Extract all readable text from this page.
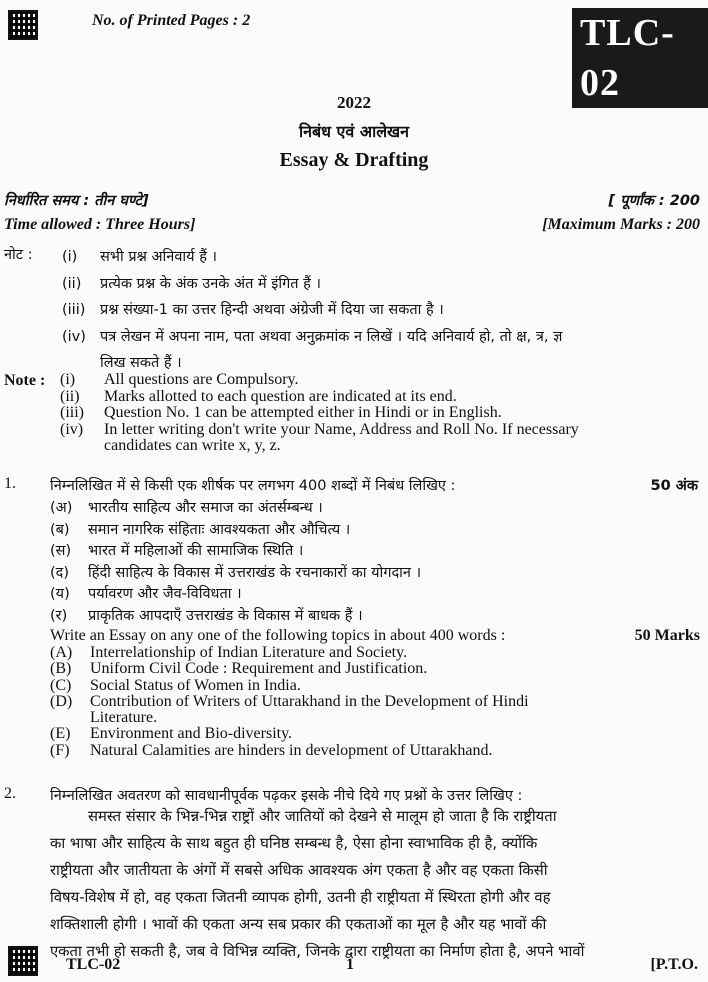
No. of Printed Pages : 2	TLC-02
2022
निबंध एवं आलेखन
Essay & Drafting
निर्धारित समय : तीन घण्टे]	[ पूर्णांक : 200
Time allowed : Three Hours]	[Maximum Marks : 200
नोट : (i)	सभी प्रश्न अनिवार्य हैं ।
(ii)	प्रत्येक प्रश्न के अंक उनके अंत में इंगित हैं ।
(iii)	प्रश्न संख्या-1 का उत्तर हिन्दी अथवा अंग्रेजी में दिया जा सकता है ।
(iv) पत्र लेखन में अपना नाम, पता अथवा अनुक्रमांक न लिखें । यदि अनिवार्य हो, तो क्ष, त्र, ज्ञ
लिख सकते हैं ।
Note : (i)	All questions are Compulsory.
(ii)	Marks allotted to each question are indicated at its end.
(iii)	Question No. 1 can be attempted either in Hindi or in English.
(iv)	In letter writing don't write your Name, Address and Roll No. If necessary
candidates can write x, y, z.
1. निम्नलिखित में से किसी एक शीर्षक पर लगभग 400 शब्दों में निबंध लिखिए :	50 अंक
(अ)	भारतीय साहित्य और समाज का अंतर्सम्बन्ध ।
(ब)	समान नागरिक संहिताः आवश्यकता और औचित्य ।
(स)	भारत में महिलाओं की सामाजिक स्थिति ।
(द)	हिंदी साहित्य के विकास में उत्तराखंड के रचनाकारों का योगदान ।
(य)	पर्यावरण और जैव-विविधता ।
(र)	प्राकृतिक आपदाएँ उत्तराखंड के विकास में बाधक हैं ।
Write an Essay on any one of the following topics in about 400 words :	50 Marks
(A)	Interrelationship of Indian Literature and Society.
(B)	Uniform Civil Code : Requirement and Justification.
(C)	Social Status of Women in India.
(D)	Contribution of Writers of Uttarakhand in the Development of Hindi
Literature.
(E)	Environment and Bio-diversity.
(F)	Natural Calamities are hinders in development of Uttarakhand.
2. निम्नलिखित अवतरण को सावधानीपूर्वक पढ़कर इसके नीचे दिये गए प्रश्नों के उत्तर लिखिए :
समस्त संसार के भिन्न-भिन्न राष्ट्रों और जातियों को देखने से मालूम हो जाता है कि राष्ट्रीयता
का भाषा और साहित्य के साथ बहुत ही घनिष्ठ सम्बन्ध है, ऐसा होना स्वाभाविक ही है, क्योंकि
राष्ट्रीयता और जातीयता के अंगों में सबसे अधिक आवश्यक अंग एकता है और वह एकता किसी
विषय-विशेष में हो, वह एकता जितनी व्यापक होगी, उतनी ही राष्ट्रीयता में स्थिरता होगी और वह
शक्तिशाली होगी । भावों की एकता अन्य सब प्रकार की एकताओं का मूल है और यह भावों की
एकता तभी हो सकती है, जब वे विभिन्न व्यक्ति, जिनके द्वारा राष्ट्रीयता का निर्माण होता है, अपने भावों
TLC-02	1	[P.T.O.
